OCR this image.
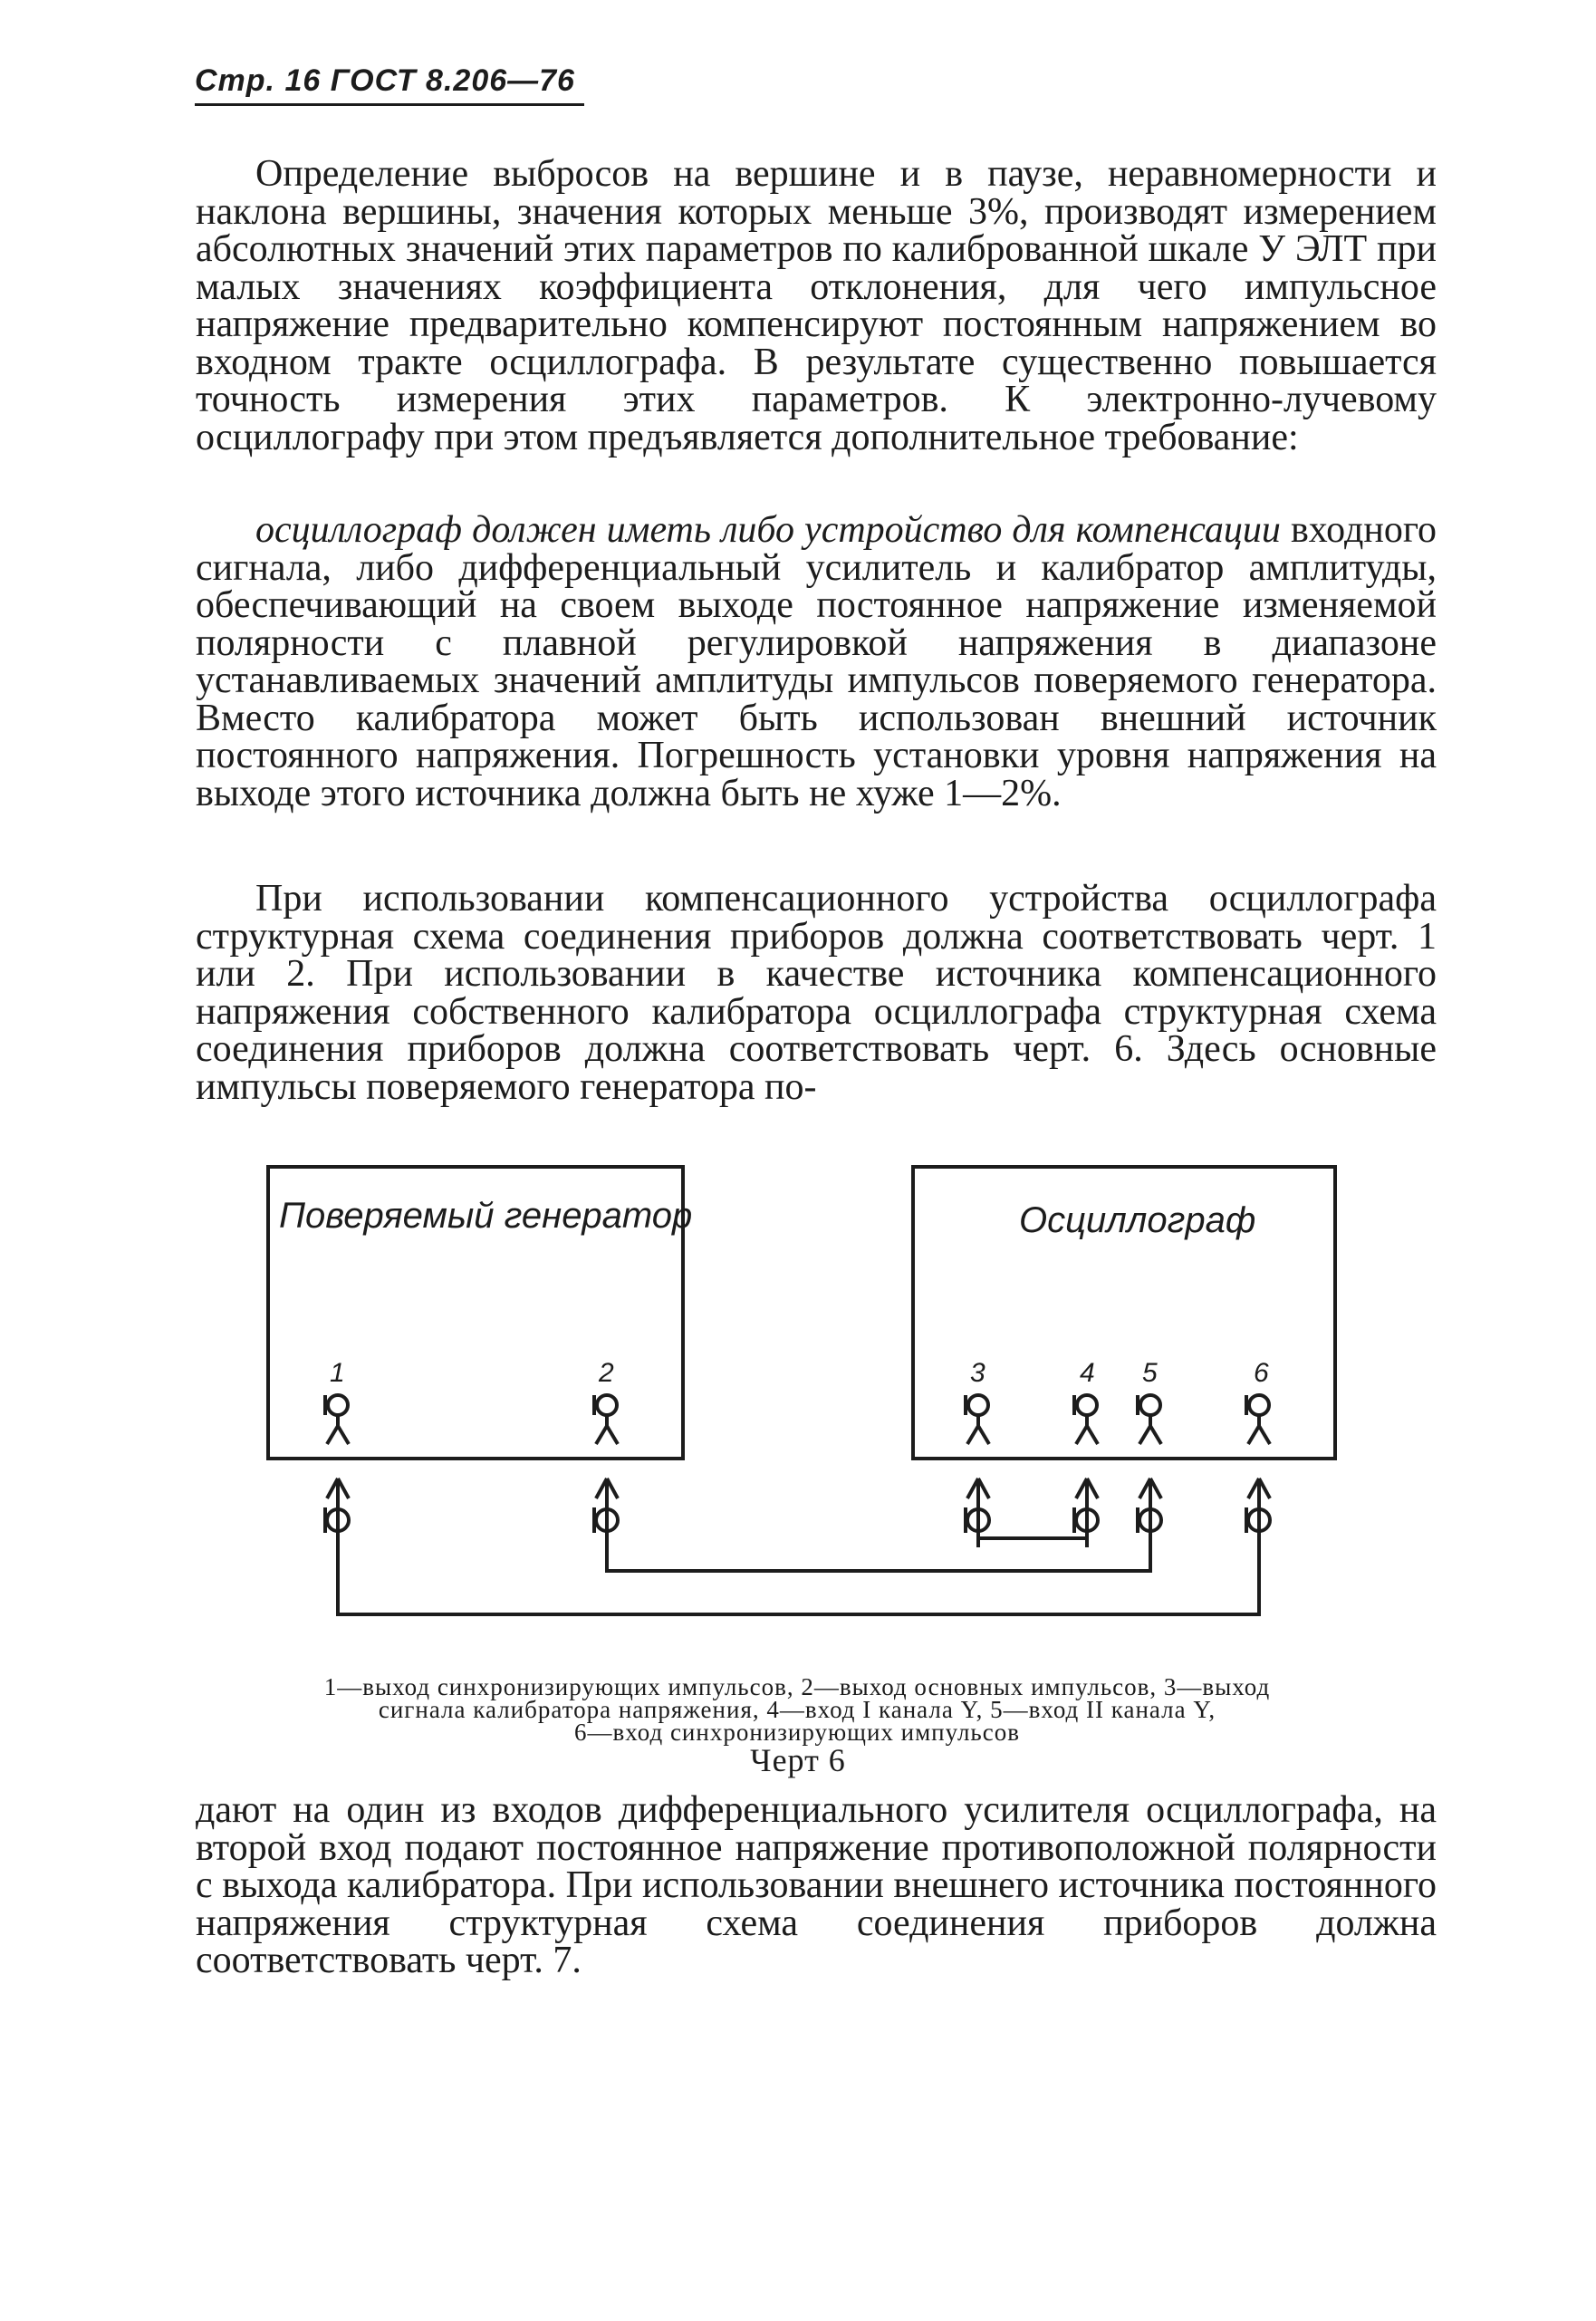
Стр. 16 ГОСТ 8.206—76

Определение выбросов на вершине и в паузе, неравномерности и наклона вершины, значения которых меньше 3%, производят измерением абсолютных значений этих параметров по калиброванной шкале У ЭЛТ при малых значениях коэффициента отклонения, для чего импульсное напряжение предварительно компенсируют постоянным напряжением во входном тракте осциллографа. В результате существенно повышается точность измерения этих параметров. К электронно-лучевому осциллографу при этом предъявляется дополнительное требование:

осциллограф должен иметь либо устройство для компенсации входного сигнала, либо дифференциальный усилитель и калибратор амплитуды, обеспечивающий на своем выходе постоянное напряжение изменяемой полярности с плавной регулировкой напряжения в диапазоне устанавливаемых значений амплитуды импульсов поверяемого генератора. Вместо калибратора может быть использован внешний источник постоянного напряжения. Погрешность установки уровня напряжения на выходе этого источника должна быть не хуже 1—2%.

При использовании компенсационного устройства осциллографа структурная схема соединения приборов должна соответствовать черт. 1 или 2. При использовании в качестве источника компенсационного напряжения собственного калибратора осциллографа структурная схема соединения приборов должна соответствовать черт. 6. Здесь основные импульсы поверяемого генератора по-

Поверяемый генератор	Осциллограф
1	2	3	4 5	6
1—выход синхронизирующих импульсов, 2—выход основных импульсов, 3—выход
сигнала калибратора напряжения, 4—вход I канала Y, 5—вход II канала Y,
6—вход синхронизирующих импульсов

Черт 6

дают на один из входов дифференциального усилителя осциллографа, на второй вход подают постоянное напряжение противоположной полярности с выхода калибратора. При использовании внешнего источника постоянного напряжения структурная схема соединения приборов должна соответствовать черт. 7.
